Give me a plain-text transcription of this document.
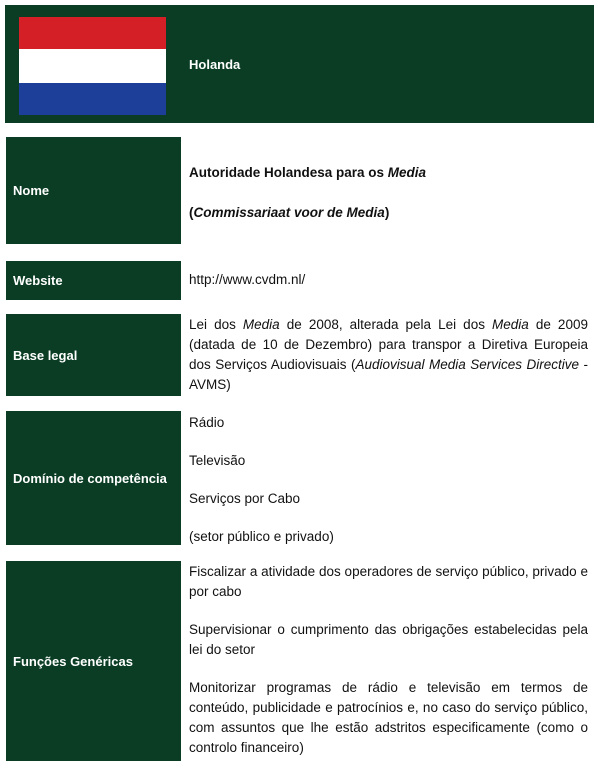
Holanda
Nome

Autoridade Holandesa para os Media

(Commissariaat voor de Media)

Website	http://www.cvdm.nl/

Base legal

Lei dos Media de 2008, alterada pela Lei dos Media de 2009 (datada de 10 de Dezembro) para transpor a Diretiva Europeia dos Serviços Audiovisuais (Audiovisual Media Services Directive - AVMS)

Domínio de competência

Rádio

Televisão

Serviços por Cabo

(setor público e privado)

Funções Genéricas

Fiscalizar a atividade dos operadores de serviço público, privado e por cabo

Supervisionar o cumprimento das obrigações estabelecidas pela lei do setor

Monitorizar programas de rádio e televisão em termos de conteúdo, publicidade e patrocínios e, no caso do serviço público, com assuntos que lhe estão adstritos especificamente (como o controlo financeiro)
